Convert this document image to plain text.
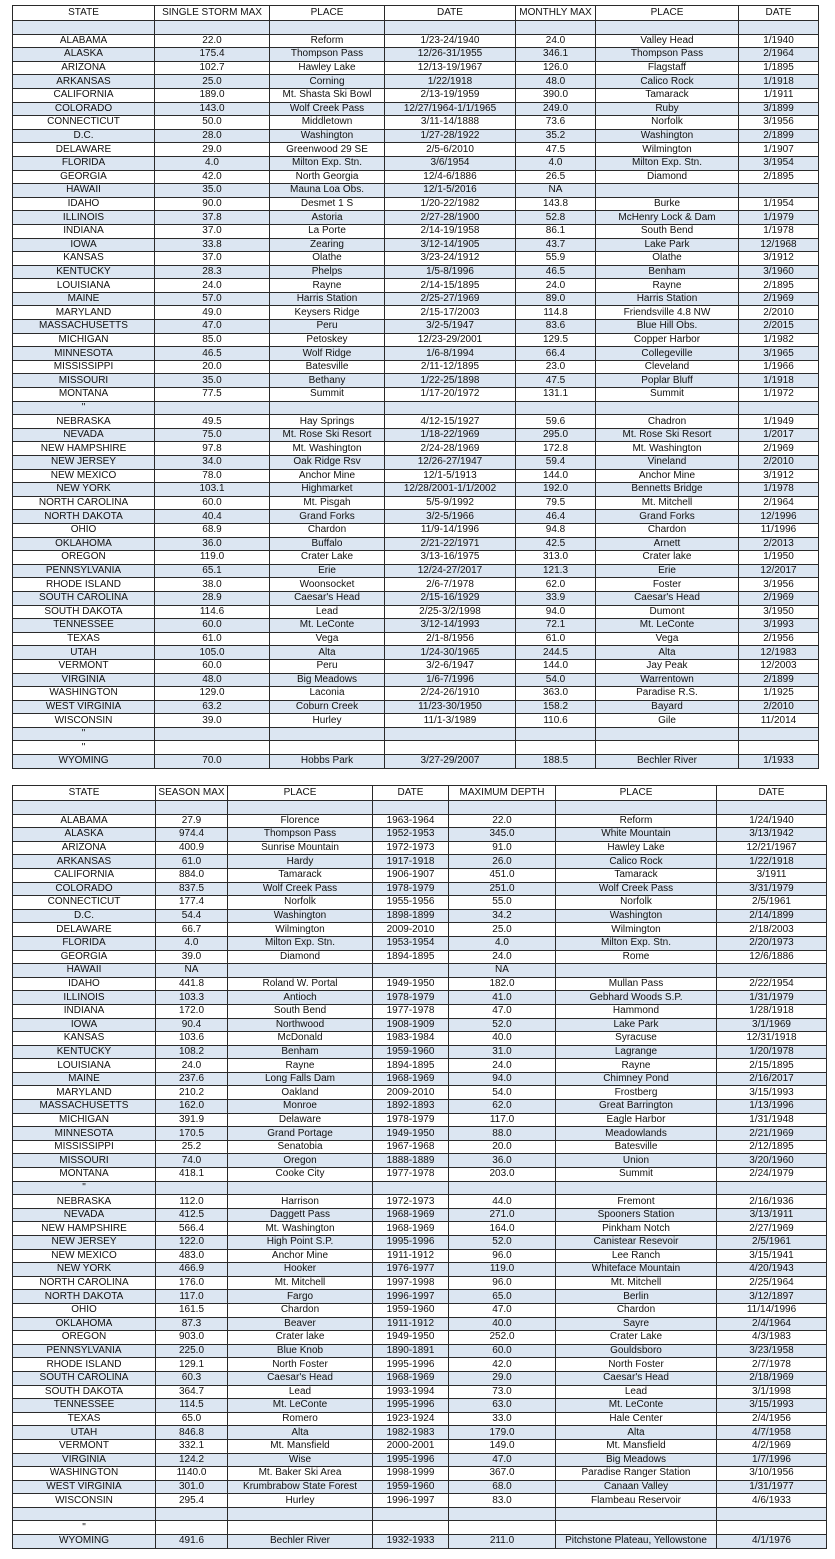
STATE	SINGLE STORM MAX	PLACE	DATE	MONTHLY MAX	PLACE	DATE

ALABAMA	22.0	Reform	1/23-24/1940	24.0	Valley Head	1/1940
ALASKA	175.4	Thompson Pass	12/26-31/1955	346.1	Thompson Pass	2/1964
ARIZONA	102.7	Hawley Lake	12/13-19/1967	126.0	Flagstaff	1/1895
ARKANSAS	25.0	Corning	1/22/1918	48.0	Calico Rock	1/1918
CALIFORNIA	189.0	Mt. Shasta Ski Bowl	2/13-19/1959	390.0	Tamarack	1/1911
COLORADO	143.0	Wolf Creek Pass	12/27/1964-1/1/1965	249.0	Ruby	3/1899
CONNECTICUT	50.0	Middletown	3/11-14/1888	73.6	Norfolk	3/1956
D.C.	28.0	Washington	1/27-28/1922	35.2	Washington	2/1899
DELAWARE	29.0	Greenwood 29 SE	2/5-6/2010	47.5	Wilmington	1/1907
FLORIDA	4.0	Milton Exp. Stn.	3/6/1954	4.0	Milton Exp. Stn.	3/1954
GEORGIA	42.0	North Georgia	12/4-6/1886	26.5	Diamond	2/1895
HAWAII	35.0	Mauna Loa Obs.	12/1-5/2016	NA		
IDAHO	90.0	Desmet 1 S	1/20-22/1982	143.8	Burke	1/1954
ILLINOIS	37.8	Astoria	2/27-28/1900	52.8	McHenry Lock & Dam	1/1979
INDIANA	37.0	La Porte	2/14-19/1958	86.1	South Bend	1/1978
IOWA	33.8	Zearing	3/12-14/1905	43.7	Lake Park	12/1968
KANSAS	37.0	Olathe	3/23-24/1912	55.9	Olathe	3/1912
KENTUCKY	28.3	Phelps	1/5-8/1996	46.5	Benham	3/1960
LOUISIANA	24.0	Rayne	2/14-15/1895	24.0	Rayne	2/1895
MAINE	57.0	Harris Station	2/25-27/1969	89.0	Harris Station	2/1969
MARYLAND	49.0	Keysers Ridge	2/15-17/2003	114.8	Friendsville 4.8 NW	2/2010
MASSACHUSETTS	47.0	Peru	3/2-5/1947	83.6	Blue Hill Obs.	2/2015
MICHIGAN	85.0	Petoskey	12/23-29/2001	129.5	Copper Harbor	1/1982
MINNESOTA	46.5	Wolf Ridge	1/6-8/1994	66.4	Collegeville	3/1965
MISSISSIPPI	20.0	Batesville	2/11-12/1895	23.0	Cleveland	1/1966
MISSOURI	35.0	Bethany	1/22-25/1898	47.5	Poplar Bluff	1/1918
MONTANA	77.5	Summit	1/17-20/1972	131.1	Summit	1/1972
"						
NEBRASKA	49.5	Hay Springs	4/12-15/1927	59.6	Chadron	1/1949
NEVADA	75.0	Mt. Rose Ski Resort	1/18-22/1969	295.0	Mt. Rose Ski Resort	1/2017
NEW HAMPSHIRE	97.8	Mt. Washington	2/24-28/1969	172.8	Mt. Washington	2/1969
NEW JERSEY	34.0	Oak Ridge Rsv	12/26-27/1947	59.4	Vineland	2/2010
NEW MEXICO	78.0	Anchor Mine	12/1-5/1913	144.0	Anchor Mine	3/1912
NEW YORK	103.1	Highmarket	12/28/2001-1/1/2002	192.0	Bennetts Bridge	1/1978
NORTH CAROLINA	60.0	Mt. Pisgah	5/5-9/1992	79.5	Mt. Mitchell	2/1964
NORTH DAKOTA	40.4	Grand Forks	3/2-5/1966	46.4	Grand Forks	12/1996
OHIO	68.9	Chardon	11/9-14/1996	94.8	Chardon	11/1996
OKLAHOMA	36.0	Buffalo	2/21-22/1971	42.5	Arnett	2/2013
OREGON	119.0	Crater Lake	3/13-16/1975	313.0	Crater lake	1/1950
PENNSYLVANIA	65.1	Erie	12/24-27/2017	121.3	Erie	12/2017
RHODE ISLAND	38.0	Woonsocket	2/6-7/1978	62.0	Foster	3/1956
SOUTH CAROLINA	28.9	Caesar's Head	2/15-16/1929	33.9	Caesar's Head	2/1969
SOUTH DAKOTA	114.6	Lead	2/25-3/2/1998	94.0	Dumont	3/1950
TENNESSEE	60.0	Mt. LeConte	3/12-14/1993	72.1	Mt. LeConte	3/1993
TEXAS	61.0	Vega	2/1-8/1956	61.0	Vega	2/1956
UTAH	105.0	Alta	1/24-30/1965	244.5	Alta	12/1983
VERMONT	60.0	Peru	3/2-6/1947	144.0	Jay Peak	12/2003
VIRGINIA	48.0	Big Meadows	1/6-7/1996	54.0	Warrentown	2/1899
WASHINGTON	129.0	Laconia	2/24-26/1910	363.0	Paradise R.S.	1/1925
WEST VIRGINIA	63.2	Coburn Creek	11/23-30/1950	158.2	Bayard	2/2010
WISCONSIN	39.0	Hurley	11/1-3/1989	110.6	Gile	11/2014
"						
"						
WYOMING	70.0	Hobbs Park	3/27-29/2007	188.5	Bechler River	1/1933
STATE	SEASON MAX	PLACE	DATE	MAXIMUM DEPTH	PLACE	DATE

ALABAMA	27.9	Florence	1963-1964	22.0	Reform	1/24/1940
ALASKA	974.4	Thompson Pass	1952-1953	345.0	White Mountain	3/13/1942
ARIZONA	400.9	Sunrise Mountain	1972-1973	91.0	Hawley Lake	12/21/1967
ARKANSAS	61.0	Hardy	1917-1918	26.0	Calico Rock	1/22/1918
CALIFORNIA	884.0	Tamarack	1906-1907	451.0	Tamarack	3/1911
COLORADO	837.5	Wolf Creek Pass	1978-1979	251.0	Wolf Creek Pass	3/31/1979
CONNECTICUT	177.4	Norfolk	1955-1956	55.0	Norfolk	2/5/1961
D.C.	54.4	Washington	1898-1899	34.2	Washington	2/14/1899
DELAWARE	66.7	Wilmington	2009-2010	25.0	Wilmington	2/18/2003
FLORIDA	4.0	Milton Exp. Stn.	1953-1954	4.0	Milton Exp. Stn.	2/20/1973
GEORGIA	39.0	Diamond	1894-1895	24.0	Rome	12/6/1886
HAWAII	NA			NA		
IDAHO	441.8	Roland W. Portal	1949-1950	182.0	Mullan Pass	2/22/1954
ILLINOIS	103.3	Antioch	1978-1979	41.0	Gebhard Woods S.P.	1/31/1979
INDIANA	172.0	South Bend	1977-1978	47.0	Hammond	1/28/1918
IOWA	90.4	Northwood	1908-1909	52.0	Lake Park	3/1/1969
KANSAS	103.6	McDonald	1983-1984	40.0	Syracuse	12/31/1918
KENTUCKY	108.2	Benham	1959-1960	31.0	Lagrange	1/20/1978
LOUISIANA	24.0	Rayne	1894-1895	24.0	Rayne	2/15/1895
MAINE	237.6	Long Falls Dam	1968-1969	94.0	Chimney Pond	2/16/2017
MARYLAND	210.2	Oakland	2009-2010	54.0	Frostberg	3/15/1993
MASSACHUSETTS	162.0	Monroe	1892-1893	62.0	Great Barrington	1/13/1996
MICHIGAN	391.9	Delaware	1978-1979	117.0	Eagle Harbor	1/31/1948
MINNESOTA	170.5	Grand Portage	1949-1950	88.0	Meadowlands	2/21/1969
MISSISSIPPI	25.2	Senatobia	1967-1968	20.0	Batesville	2/12/1895
MISSOURI	74.0	Oregon	1888-1889	36.0	Union	3/20/1960
MONTANA	418.1	Cooke City	1977-1978	203.0	Summit	2/24/1979
"						
NEBRASKA	112.0	Harrison	1972-1973	44.0	Fremont	2/16/1936
NEVADA	412.5	Daggett Pass	1968-1969	271.0	Spooners Station	3/13/1911
NEW HAMPSHIRE	566.4	Mt. Washington	1968-1969	164.0	Pinkham Notch	2/27/1969
NEW JERSEY	122.0	High Point S.P.	1995-1996	52.0	Canistear Resevoir	2/5/1961
NEW MEXICO	483.0	Anchor Mine	1911-1912	96.0	Lee Ranch	3/15/1941
NEW YORK	466.9	Hooker	1976-1977	119.0	Whiteface Mountain	4/20/1943
NORTH CAROLINA	176.0	Mt. Mitchell	1997-1998	96.0	Mt. Mitchell	2/25/1964
NORTH DAKOTA	117.0	Fargo	1996-1997	65.0	Berlin	3/12/1897
OHIO	161.5	Chardon	1959-1960	47.0	Chardon	11/14/1996
OKLAHOMA	87.3	Beaver	1911-1912	40.0	Sayre	2/4/1964
OREGON	903.0	Crater lake	1949-1950	252.0	Crater Lake	4/3/1983
PENNSYLVANIA	225.0	Blue Knob	1890-1891	60.0	Gouldsboro	3/23/1958
RHODE ISLAND	129.1	North Foster	1995-1996	42.0	North Foster	2/7/1978
SOUTH CAROLINA	60.3	Caesar's Head	1968-1969	29.0	Caesar's Head	2/18/1969
SOUTH DAKOTA	364.7	Lead	1993-1994	73.0	Lead	3/1/1998
TENNESSEE	114.5	Mt. LeConte	1995-1996	63.0	Mt. LeConte	3/15/1993
TEXAS	65.0	Romero	1923-1924	33.0	Hale Center	2/4/1956
UTAH	846.8	Alta	1982-1983	179.0	Alta	4/7/1958
VERMONT	332.1	Mt. Mansfield	2000-2001	149.0	Mt. Mansfield	4/2/1969
VIRGINIA	124.2	Wise	1995-1996	47.0	Big Meadows	1/7/1996
WASHINGTON	1140.0	Mt. Baker Ski Area	1998-1999	367.0	Paradise Ranger Station	3/10/1956
WEST VIRGINIA	301.0	Krumbrabow State Forest	1959-1960	68.0	Canaan Valley	1/31/1977
WISCONSIN	295.4	Hurley	1996-1997	83.0	Flambeau Reservoir	4/6/1933

"						
WYOMING	491.6	Bechler River	1932-1933	211.0	Pitchstone Plateau, Yellowstone	4/1/1976
